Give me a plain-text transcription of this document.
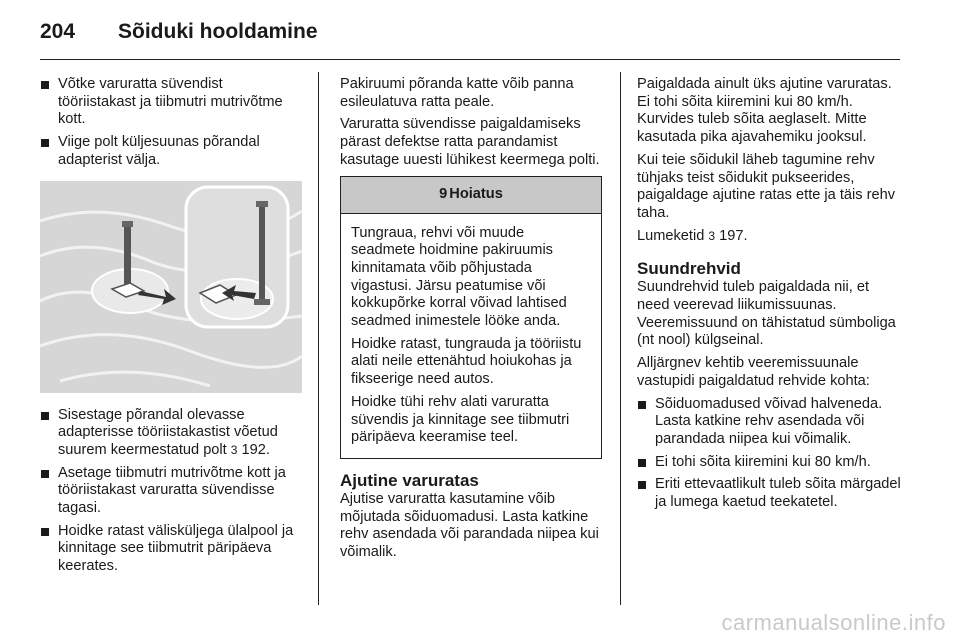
204	Sõiduki hooldamine
Võtke varuratta süvendist tööriistakast ja tiibmutri mutrivõtme kott.
Viige polt küljesuunas põrandal adapterist välja.
Sisestage põrandal olevasse adapterisse tööriistakastist võetud suurem keermestatud polt 3 192.
Asetage tiibmutri mutrivõtme kott ja tööriistakast varuratta süvendisse tagasi.
Hoidke ratast välisküljega ülalpool ja kinnitage see tiibmutrit päripäeva keerates.

Pakiruumi põranda katte võib panna esileulatuva ratta peale.

Varuratta süvendisse paigaldamiseks pärast defektse ratta parandamist kasutage uuesti lühikest keermega polti.

9 Hoiatus

Tungraua, rehvi või muude seadmete hoidmine pakiruumis kinnitamata võib põhjustada vigastusi. Järsu peatumise või kokkupõrke korral võivad lahtised seadmed inimestele lööke anda.

Hoidke ratast, tungrauda ja tööriistu alati neile ettenähtud hoiukohas ja fikseerige need autos.

Hoidke tühi rehv alati varuratta süvendis ja kinnitage see tiibmutri päripäeva keeramise teel.

Ajutine varuratas

Ajutise varuratta kasutamine võib mõjutada sõiduomadusi. Lasta katkine rehv asendada või parandada niipea kui võimalik.

Paigaldada ainult üks ajutine varuratas. Ei tohi sõita kiiremini kui 80 km/h. Kurvides tuleb sõita aeglaselt. Mitte kasutada pika ajavahemiku jooksul.

Kui teie sõidukil läheb tagumine rehv tühjaks teist sõidukit pukseerides, paigaldage ajutine ratas ette ja täis rehv taha.

Lumeketid 3 197.

Suundrehvid

Suundrehvid tuleb paigaldada nii, et need veerevad liikumissuunas. Veeremissuund on tähistatud sümboliga (nt nool) külgseinal.

Alljärgnev kehtib veeremissuunale vastupidi paigaldatud rehvide kohta:

Sõiduomadused võivad halveneda. Lasta katkine rehv asendada või parandada niipea kui võimalik.
Ei tohi sõita kiiremini kui 80 km/h.
Eriti ettevaatlikult tuleb sõita märgadel ja lumega kaetud teekatetel.
carmanualsonline.info
